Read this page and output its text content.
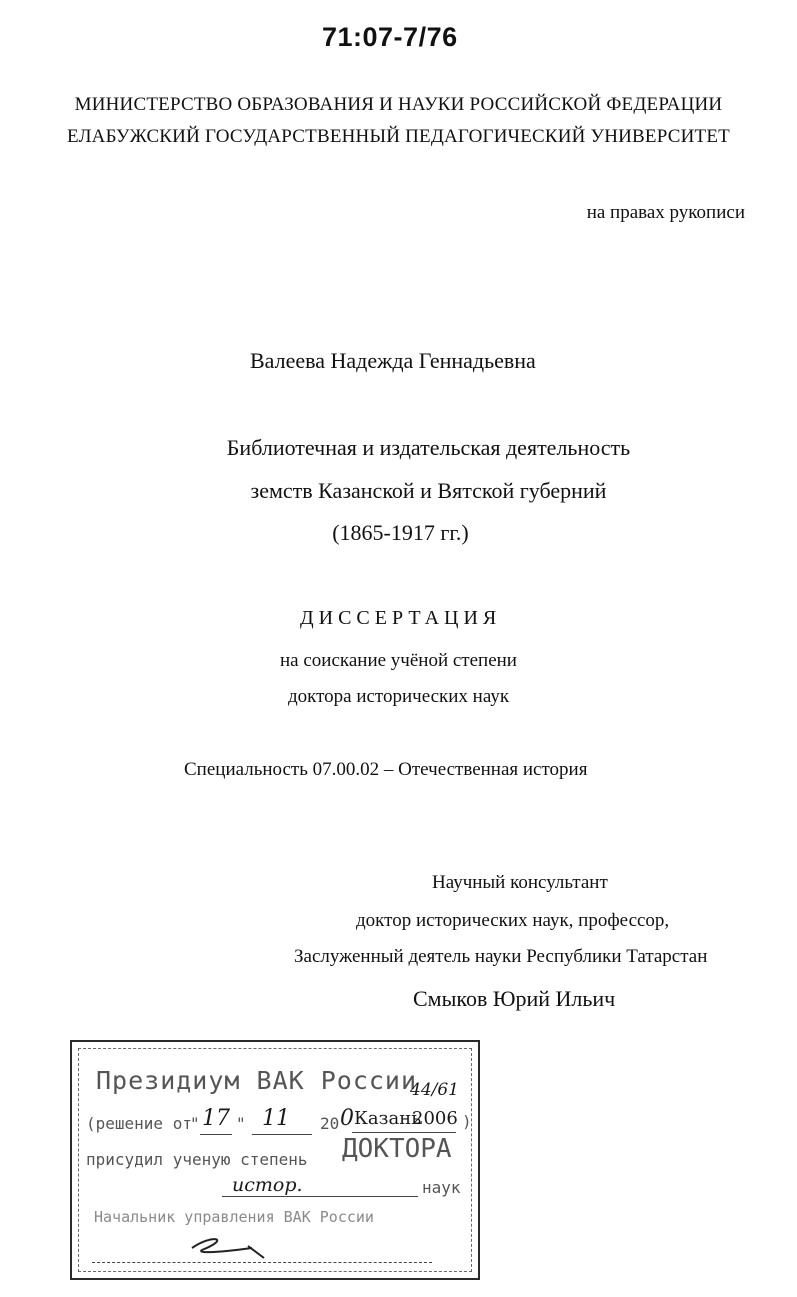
71:07-7/76
МИНИСТЕРСТВО ОБРАЗОВАНИЯ И НАУКИ РОССИЙСКОЙ ФЕДЕРАЦИИ
ЕЛАБУЖСКИЙ ГОСУДАРСТВЕННЫЙ ПЕДАГОГИЧЕСКИЙ УНИВЕРСИТЕТ
на правах рукописи
Валеева Надежда Геннадьевна
Библиотечная и издательская деятельность
земств Казанской и Вятской губерний
(1865-1917 гг.)
ДИССЕРТАЦИЯ
на соискание учёной степени
доктора исторических наук
Специальность 07.00.02 – Отечественная история
Научный консультант
доктор исторических наук, профессор,
Заслуженный деятель науки Республики Татарстан
Смыков Юрий Ильич
Президиум ВАК России
44/61
(решение от
" 17 " 11 20 0 Казань
2006 )
присудил ученую степень ДОКТОРА
истор.	наук
Начальник управления ВАК России
